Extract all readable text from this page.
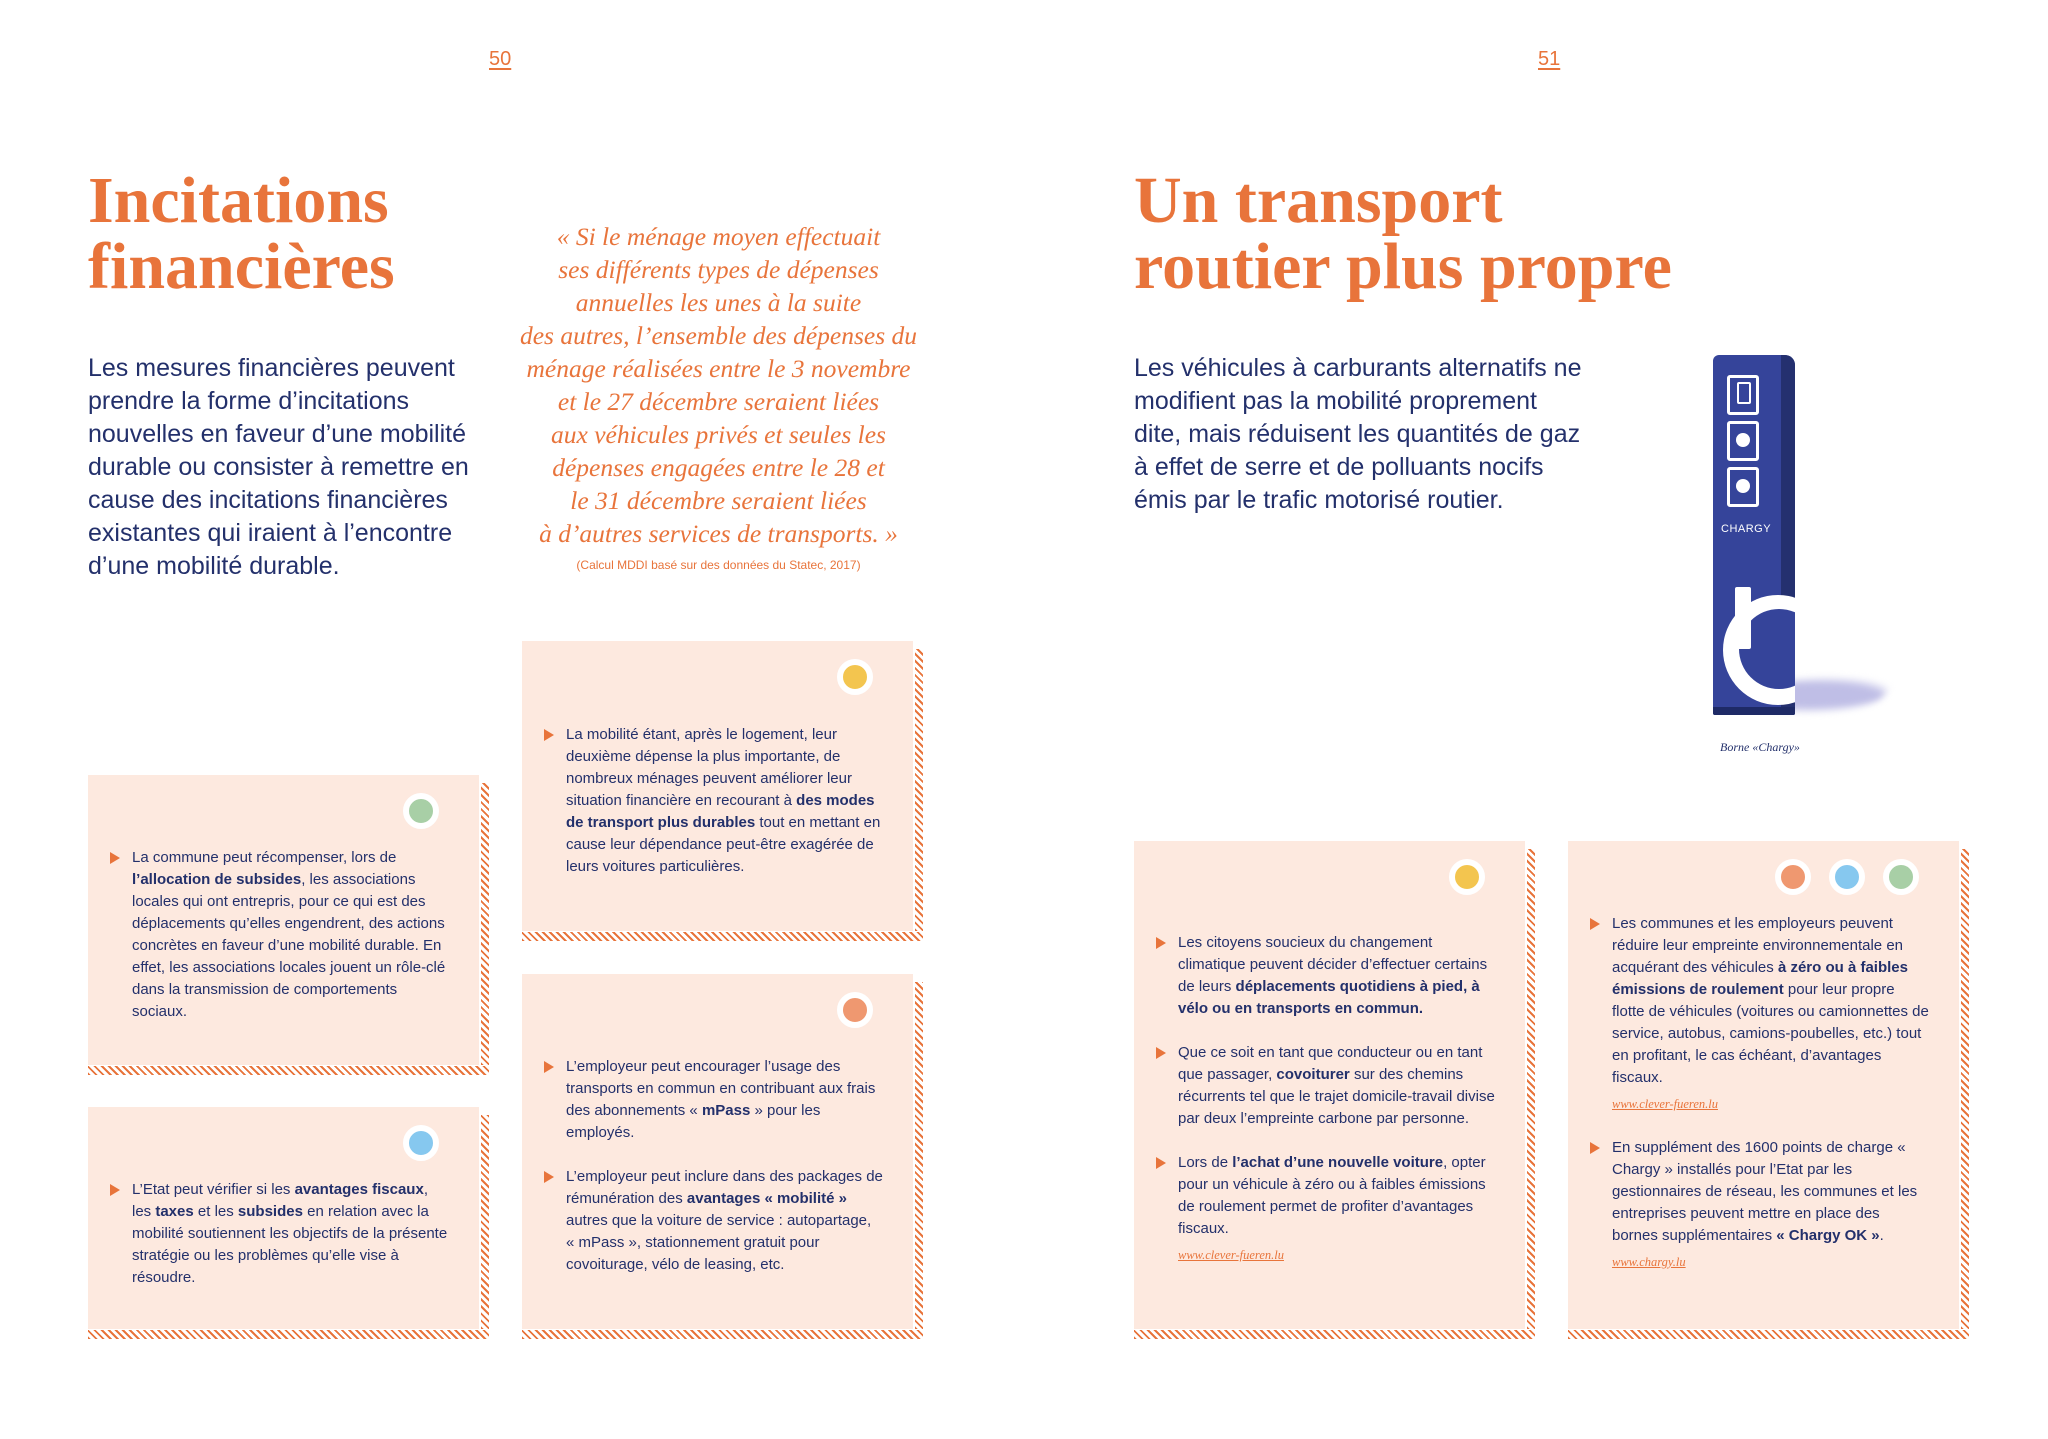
50
Incitations
financières

Les mesures financières peuvent prendre la forme d’incitations nouvelles en faveur d’une mobilité durable ou consister à remettre en cause des incitations financières existantes qui iraient à l’encontre d’une mobilité durable.

« Si le ménage moyen effectuait
ses différents types de dépenses
annuelles les unes à la suite
des autres, l’ensemble des dépenses du
ménage réalisées entre le 3 novembre
et le 27 décembre seraient liées
aux véhicules privés et seules les
dépenses engagées entre le 28 et
le 31 décembre seraient liées
à d’autres services de transports. »
(Calcul MDDI basé sur des données du Statec, 2017)
La commune peut récompenser, lors de l’allocation de subsides, les associations locales qui ont entrepris, pour ce qui est des déplacements qu’elles engendrent, des actions concrètes en faveur d’une mobilité durable. En effet, les associations locales jouent un rôle-clé dans la transmission de comportements sociaux.
L’Etat peut vérifier si les avantages fiscaux, les taxes et les subsides en relation avec la mobilité soutiennent les objectifs de la présente stratégie ou les problèmes qu’elle vise à résoudre.
La mobilité étant, après le logement, leur deuxième dépense la plus importante, de nombreux ménages peuvent améliorer leur situation financière en recourant à des modes de transport plus durables tout en mettant en cause leur dépendance peut-être exagérée de leurs voitures particulières.
L’employeur peut encourager l’usage des transports en commun en contribuant aux frais des abonnements « mPass » pour les employés.
L’employeur peut inclure dans des packages de rémunération des avantages « mobilité » autres que la voiture de service : autopartage, « mPass », stationnement gratuit pour covoiturage, vélo de leasing, etc.
51
Un transport
routier plus propre

Les véhicules à carburants alternatifs ne modifient pas la mobilité proprement dite, mais réduisent les quantités de gaz à effet de serre et de polluants nocifs émis par le trafic motorisé routier.

CHARGY
Borne «Chargy»
Les citoyens soucieux du changement climatique peuvent décider d’effectuer certains de leurs déplacements quotidiens à pied, à vélo ou en transports en commun.
Que ce soit en tant que conducteur ou en tant que passager, covoiturer sur des chemins récurrents tel que le trajet domicile-travail divise par deux l’empreinte carbone par personne.
Lors de l’achat d’une nouvelle voiture, opter pour un véhicule à zéro ou à faibles émissions de roulement permet de profiter d’avantages fiscaux.
www.clever-fueren.lu
Les communes et les employeurs peuvent réduire leur empreinte environnementale en acquérant des véhicules à zéro ou à faibles émissions de roulement pour leur propre flotte de véhicules (voitures ou camionnettes de service, autobus, camions-poubelles, etc.) tout en profitant, le cas échéant, d’avantages fiscaux.
www.clever-fueren.lu
En supplément des 1600 points de charge « Chargy » installés pour l’Etat par les gestionnaires de réseau, les communes et les entreprises peuvent mettre en place des bornes supplémentaires « Chargy OK ».
www.chargy.lu
